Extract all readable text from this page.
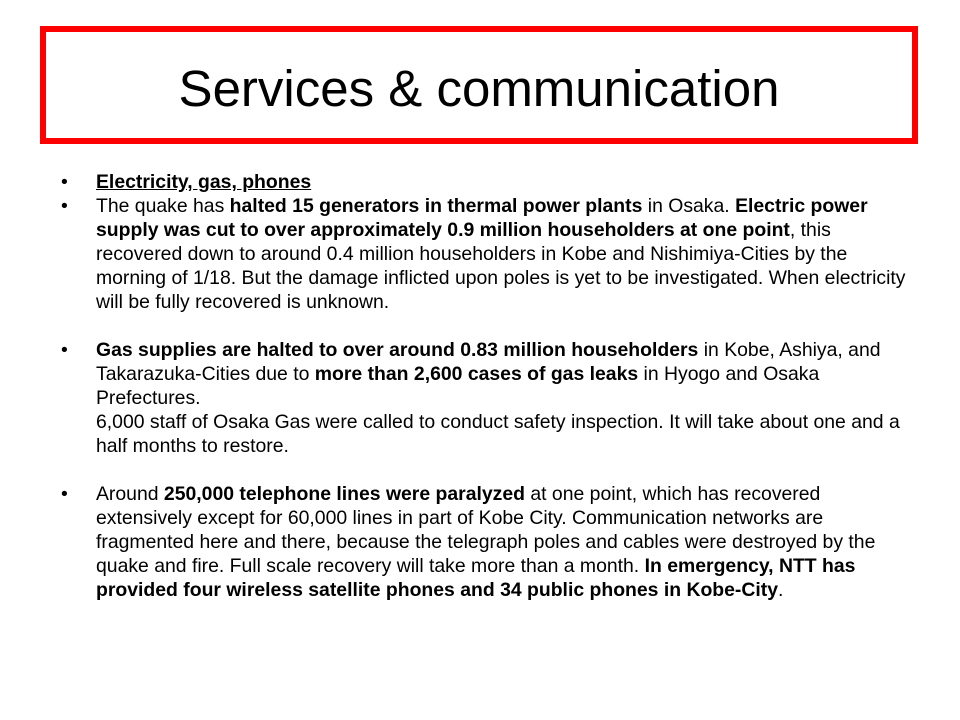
Services & communication
• Electricity, gas, phones
• The quake has halted 15 generators in thermal power plants in Osaka. Electric power supply was cut to over approximately 0.9 million householders at one point, this recovered down to around 0.4 million householders in Kobe and Nishimiya-Cities by the morning of 1/18. But the damage inflicted upon poles is yet to be investigated. When electricity will be fully recovered is unknown.
• Gas supplies are halted to over around 0.83 million householders in Kobe, Ashiya, and Takarazuka-Cities due to more than 2,600 cases of gas leaks in Hyogo and Osaka Prefectures.
6,000 staff of Osaka Gas were called to conduct safety inspection. It will take about one and a half months to restore.
• Around 250,000 telephone lines were paralyzed at one point, which has recovered extensively except for 60,000 lines in part of Kobe City. Communication networks are fragmented here and there, because the telegraph poles and cables were destroyed by the quake and fire. Full scale recovery will take more than a month. In emergency, NTT has provided four wireless satellite phones and 34 public phones in Kobe-City.
